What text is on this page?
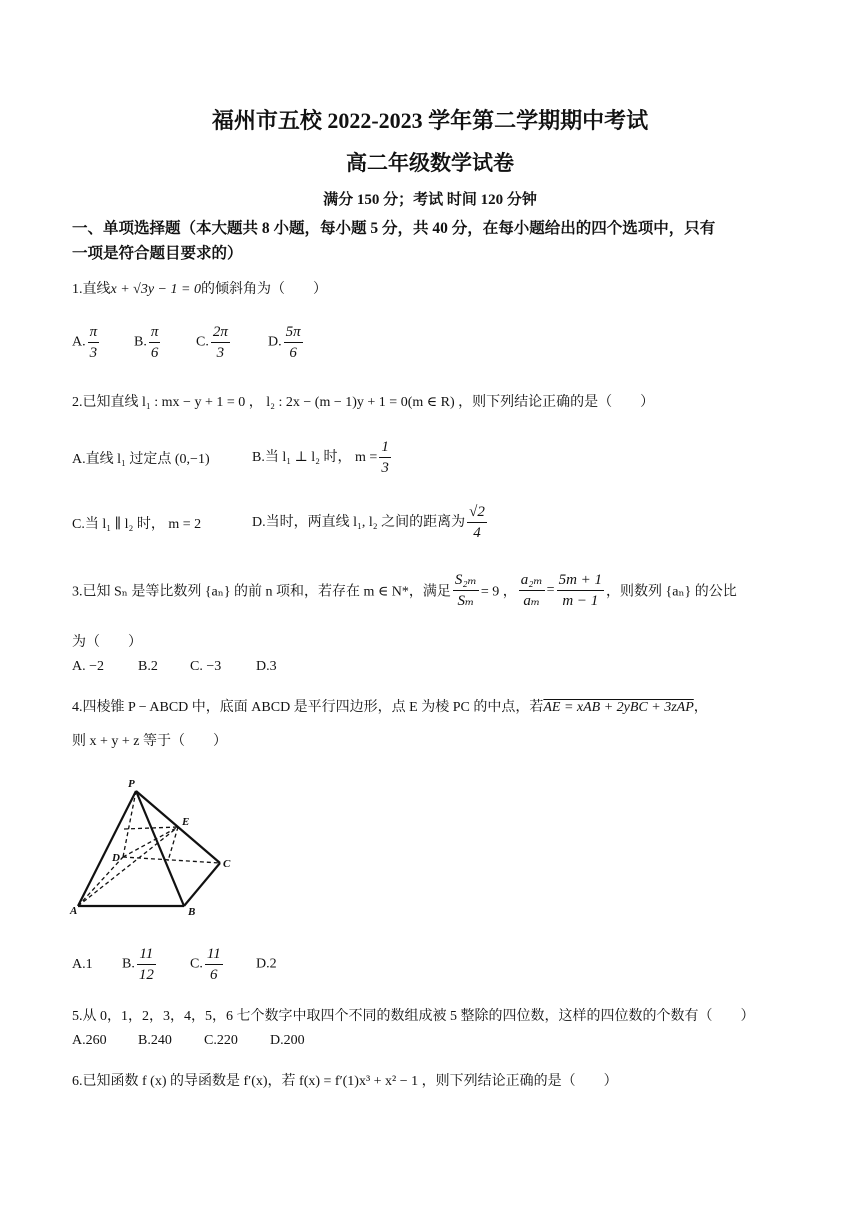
福州市五校 2022-2023 学年第二学期期中考试
高二年级数学试卷
满分 150 分；考试 时间 120 分钟
一、单项选择题（本大题共 8 小题，每小题 5 分，共 40 分，在每小题给出的四个选项中，只有
一项是符合题目要求的）
1.直线x + √3y − 1 = 0的倾斜角为（　　）
A. $\frac{\pi}{3} B$. $\frac{\pi}{6}$	C. $\frac{2\pi}{3}$	D. $\frac{5\pi}{6}$
2.已知直线 l₁ : mx − y + 1 = 0 ， l₂ : 2x − (m − 1)y + 1 = 0(m ∈ R) ，则下列结论正确的是（　　）
A.直线 l₁ 过定点 (0,−1)	B.当 l₁ ⊥ l₂ 时， $m = \frac{1}{3}$
C.当 l₁ ∥ l₂ 时， m = 2	D.当时，两直线 l₁, l₂ 之间的距离为 $\frac{√2}{4}$
3.已知 Sₙ 是等比数列 {aₙ} 的前 n 项和，若存在 m ∈ N*，满足 $\frac{\text{S₂ₘ}}{\text{Sₘ}} = 9$ ， $\frac{\text{a₂ₘ}}{\text{aₘ}} = \frac{5m + 1}{m - 1}$ ，则数列 {aₙ} 的公比
为（　　）
A. −2 B.2 C. −3 D.3
4.四棱锥 P − ABCD 中，底面 ABCD 是平行四边形，点 E 为棱 PC 的中点，若AE = xAB + 2yBC + 3zAP，
则 x + y + z 等于（　　）
P
E
D
A	B
C
A.1 B. $\frac{11}{12} C$. $\frac{11}{6} D.2$
5.从 0，1，2，3，4，5，6 七个数字中取四个不同的数组成被 5 整除的四位数，这样的四位数的个数有（　　）
A.260 B.240 C.220 D.200
6.已知函数 f (x) 的导函数是 f′(x)，若 f(x) = f′(1)x³ + x² − 1 ，则下列结论正确的是（　　）
